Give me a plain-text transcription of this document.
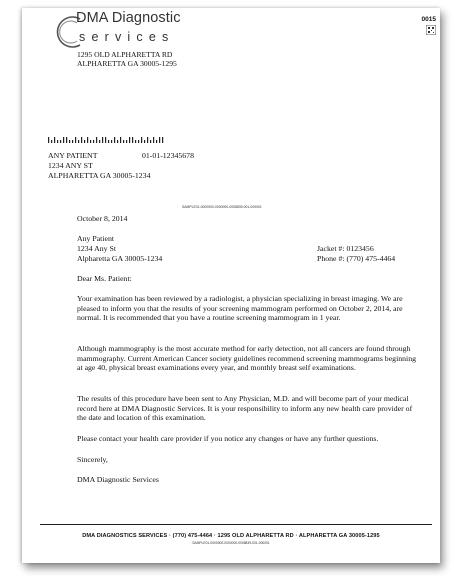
DMA Diagnostic
services
1295 OLD ALPHARETTA RD
ALPHARETTA GA 30005-1295
0015
ANY PATIENT	01-01-12345678
1234 ANY ST
ALPHARETTA GA 30005-1234
SAMPLE01-0000000-0000000-0008839-001-000001
October 8, 2014
Any Patient
1234 Any St
Alpharetta GA 30005-1234
Jacket #: 0123456
Phone #: (770) 475-4464
Dear Ms. Patient:
Your examination has been reviewed by a radiologist, a physician specializing in breast imaging. We are pleased to inform you that the results of your screening mammogram performed on October 2, 2014, are normal. It is recommended that you have a routine screening mammogram in 1 year.
Although mammography is the most accurate method for early detection, not all cancers are found through mammography. Current American Cancer society guidelines recommend screening mammograms beginning at age 40, physical breast examinations every year, and monthly breast self examinations.
The results of this procedure have been sent to Any Physician, M.D. and will become part of your medical record here at DMA Diagnostic Services. It is your responsibility to inform any new health care provider of the date and location of this examination.
Please contact your health care provider if you notice any changes or have any further questions.
Sincerely,
DMA Diagnostic Services
DMA DIAGNOSTICS SERVICES · (770) 475-4464 · 1295 OLD ALPHARETTA RD · ALPHARETTA GA 30005-1295
SAMPLE01-0000000-0000000-0008839-001-000001
